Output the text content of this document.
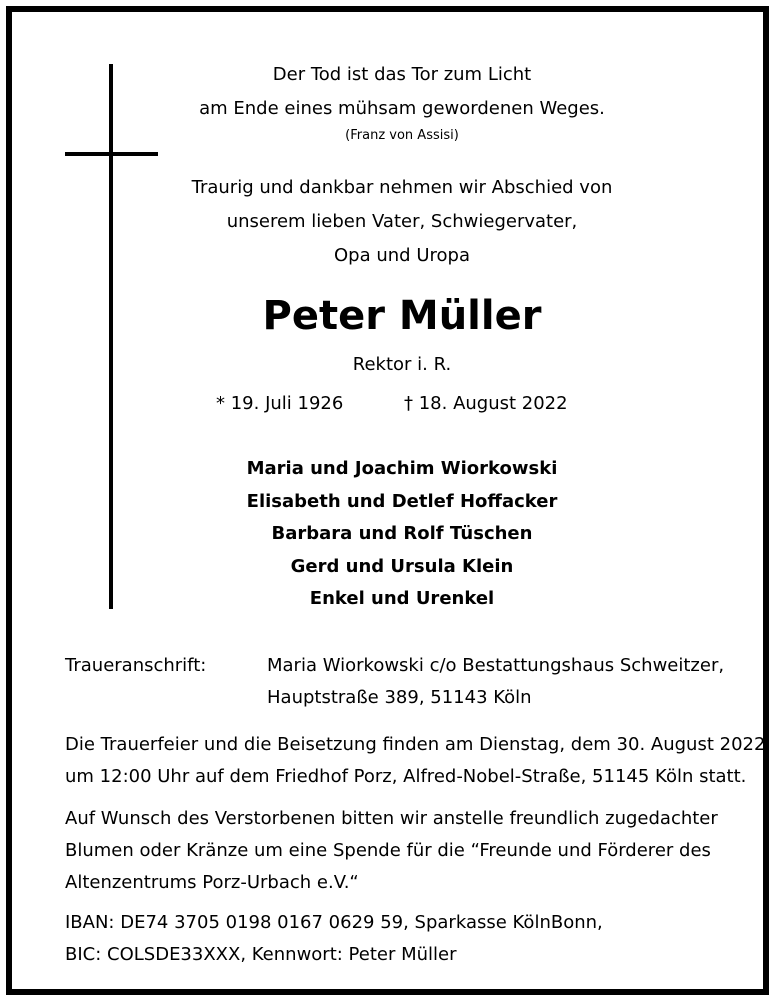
Der Tod ist das Tor zum Licht
am Ende eines mühsam gewordenen Weges.
(Franz von Assisi)
Traurig und dankbar nehmen wir Abschied von
unserem lieben Vater, Schwiegervater,
Opa und Uropa
Peter Müller
Rektor i. R.
* 19. Juli 1926	† 18. August 2022
Maria und Joachim Wiorkowski
Elisabeth und Detlef Hoffacker
Barbara und Rolf Tüschen
Gerd und Ursula Klein
Enkel und Urenkel
Traueranschrift:	Maria Wiorkowski c/o Bestattungshaus Schweitzer,
Hauptstraße 389, 51143 Köln

Die Trauerfeier und die Beisetzung finden am Dienstag, dem 30. August 2022
um 12:00 Uhr auf dem Friedhof Porz, Alfred-Nobel-Straße, 51145 Köln statt.
Auf Wunsch des Verstorbenen bitten wir anstelle freundlich zugedachter
Blumen oder Kränze um eine Spende für die “Freunde und Förderer des
Altenzentrums Porz-Urbach e.V.“
IBAN: DE74 3705 0198 0167 0629 59, Sparkasse KölnBonn,
BIC: COLSDE33XXX, Kennwort: Peter Müller
